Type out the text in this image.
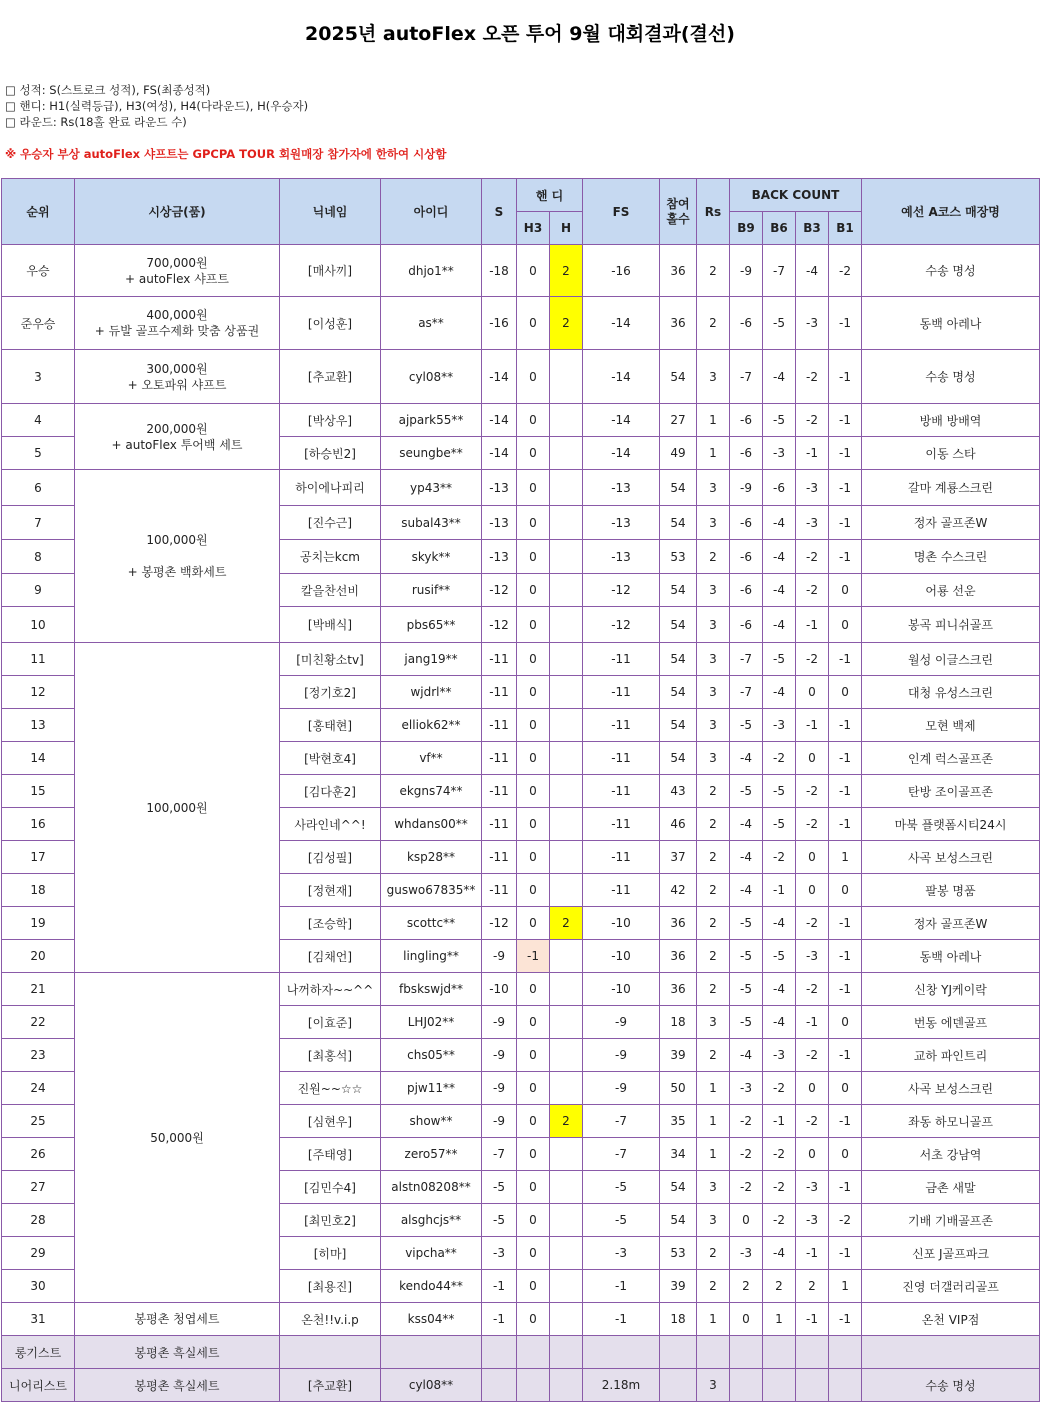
2025년 autoFlex 오픈 투어 9월 대회결과(결선)
□ 성적: S(스트로크 성적), FS(최종성적)
□ 핸디: H1(실력등급), H3(여성), H4(다라운드), H(우승자)
□ 라운드: Rs(18홀 완료 라운드 수)
※ 우승자 부상 autoFlex 샤프트는 GPCPA TOUR 회원매장 참가자에 한하여 시상함
순위	시상금(품)	닉네임	아이디	S	핸 디		FS	참여 홀수	Rs	BACK COUNT				예선 A코스 매장명
					H3	H				B9	B6	B3	B1	
우승	700,000원
+ autoFlex 샤프트	[매사끼]	dhjo1**	-18	0	2	-16	36	2	-9	-7	-4	-2	수송 명성
준우승	400,000원
+ 듀발 골프수제화 맞춤 상품권	[이성훈]	as**	-16	0	2	-14	36	2	-6	-5	-3	-1	동백 아레나
3	300,000원
+ 오토파워 샤프트	[추교환]	cyl08**	-14	0		-14	54	3	-7	-4	-2	-1	수송 명성
4	200,000원
+ autoFlex 투어백 세트	[박상우]	ajpark55**	-14	0		-14	27	1	-6	-5	-2	-1	방배 방배역
5		[하승빈2]	seungbe**	-14	0		-14	49	1	-6	-3	-1	-1	이동 스타
6	100,000원
+ 봉평촌 백화세트	하이에나피리	yp43**	-13	0		-13	54	3	-9	-6	-3	-1	갈마 계룡스크린
7		[진수근]	subal43**	-13	0		-13	54	3	-6	-4	-3	-1	정자 골프존W
8		공치는kcm	skyk**	-13	0		-13	53	2	-6	-4	-2	-1	명촌 수스크린
9		칼을찬선비	rusif**	-12	0		-12	54	3	-6	-4	-2	0	어룡 선운
10		[박배식]	pbs65**	-12	0		-12	54	3	-6	-4	-1	0	봉곡 피니쉬골프
11	100,000원	[미친황소tv]	jang19**	-11	0		-11	54	3	-7	-5	-2	-1	월성 이글스크린
12		[정기호2]	wjdrl**	-11	0		-11	54	3	-7	-4	0	0	대청 유성스크린
13		[홍태현]	elliok62**	-11	0		-11	54	3	-5	-3	-1	-1	모현 백제
14		[박현호4]	vf**	-11	0		-11	54	3	-4	-2	0	-1	인계 럭스골프존
15		[김다훈2]	ekgns74**	-11	0		-11	43	2	-5	-5	-2	-1	탄방 조이골프존
16		사라인네^^!	whdans00**	-11	0		-11	46	2	-4	-5	-2	-1	마북 플랫폼시티24시
17		[김성필]	ksp28**	-11	0		-11	37	2	-4	-2	0	1	사곡 보성스크린
18		[정현재]	guswo67835**	-11	0		-11	42	2	-4	-1	0	0	팔봉 명품
19		[조승학]	scottc**	-12	0	2	-10	36	2	-5	-4	-2	-1	정자 골프존W
20		[김채언]	lingling**	-9	-1		-10	36	2	-5	-5	-3	-1	동백 아레나
21	50,000원	나꺼하자~~^^	fbskswjd**	-10	0		-10	36	2	-5	-4	-2	-1	신창 YJ케이락
22		[이효준]	LHJ02**	-9	0		-9	18	3	-5	-4	-1	0	번동 에덴골프
23		[최홍석]	chs05**	-9	0		-9	39	2	-4	-3	-2	-1	교하 파인트리
24		진원~~☆☆	pjw11**	-9	0		-9	50	1	-3	-2	0	0	사곡 보성스크린
25		[심현우]	show**	-9	0	2	-7	35	1	-2	-1	-2	-1	좌동 하모니골프
26		[주태영]	zero57**	-7	0		-7	34	1	-2	-2	0	0	서초 강남역
27		[김민수4]	alstn08208**	-5	0		-5	54	3	-2	-2	-3	-1	금촌 새말
28		[최민호2]	alsghcjs**	-5	0		-5	54	3	0	-2	-3	-2	기배 기배골프존
29		[히마]	vipcha**	-3	0		-3	53	2	-3	-4	-1	-1	신포 J골프파크
30		[최용진]	kendo44**	-1	0		-1	39	2	2	2	2	1	진영 더갤러리골프
31	봉평촌 청엽세트	온천!!v.i.p	kss04**	-1	0		-1	18	1	0	1	-1	-1	온천 VIP점
롱기스트	봉평촌 흑실세트													
니어리스트	봉평촌 흑실세트	[추교환]	cyl08**				2.18m		3					수송 명성
